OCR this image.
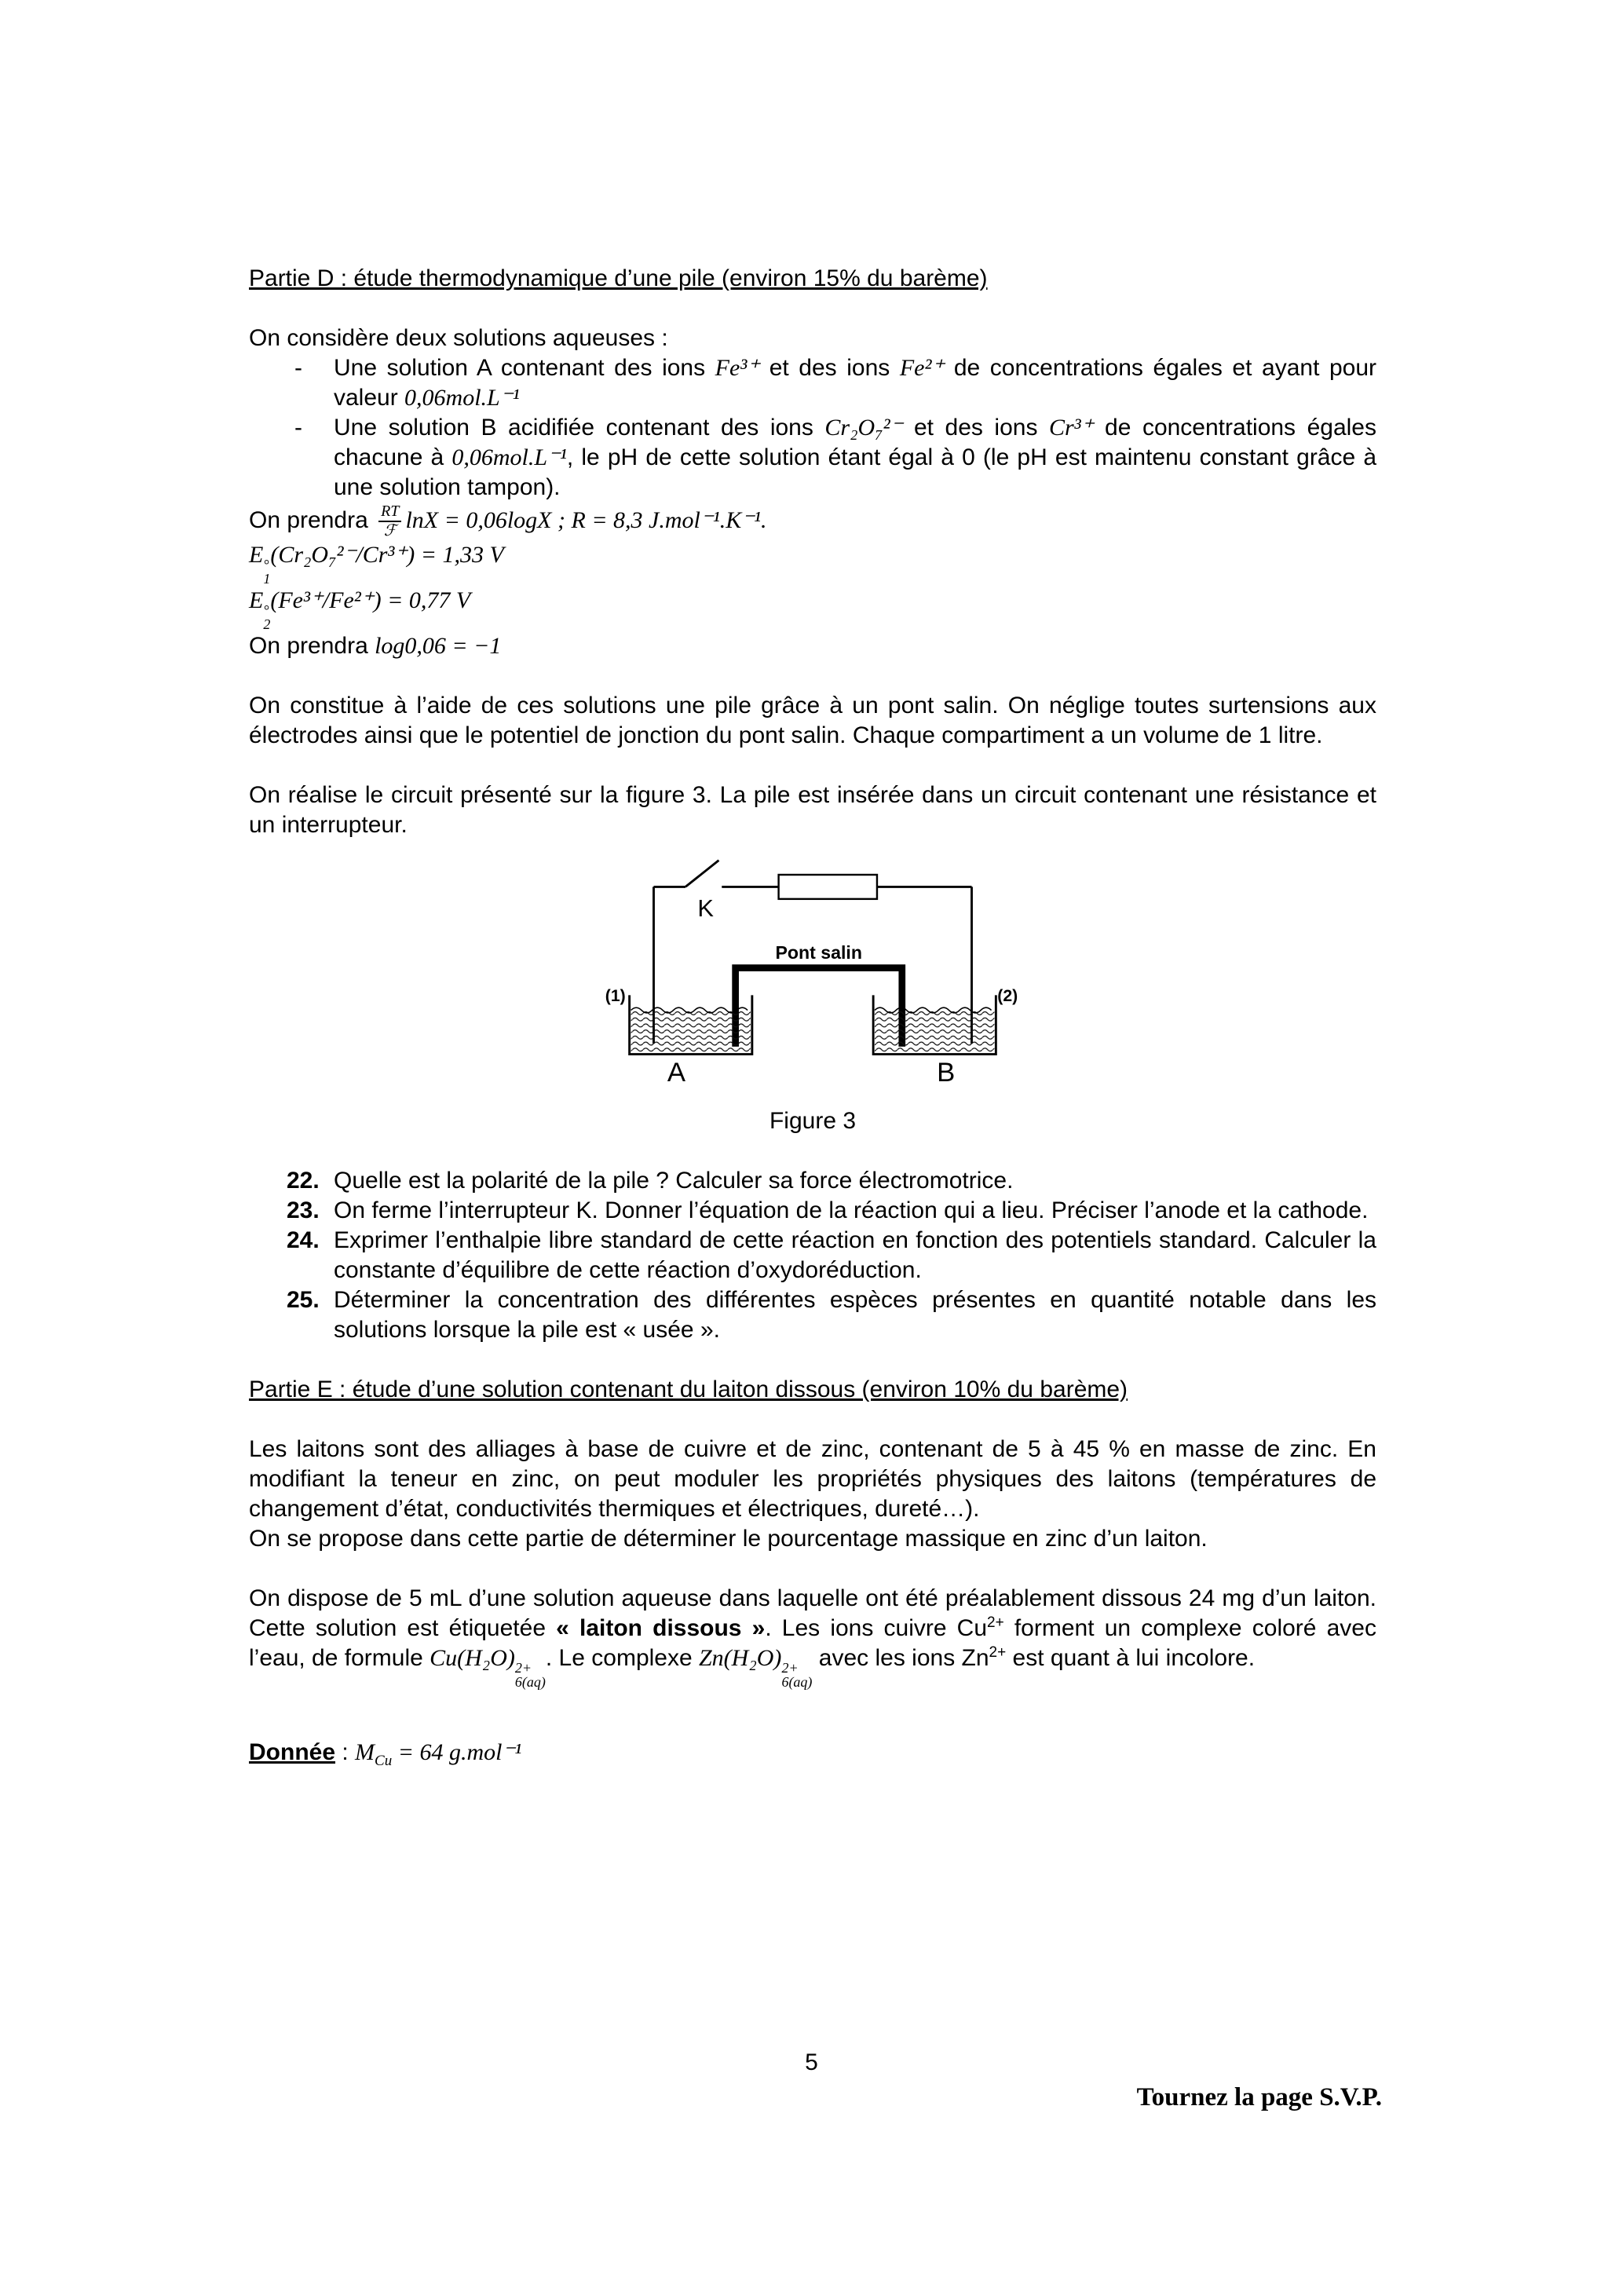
Partie D : étude thermodynamique d’une pile (environ 15% du barème)

On considère deux solutions aqueuses :

-	Une solution A contenant des ions Fe³⁺ et des ions Fe²⁺ de concentrations égales et ayant pour valeur 0,06mol.L⁻¹
-	Une solution B acidifiée contenant des ions Cr₂O₇²⁻ et des ions Cr³⁺ de concentrations égales chacune à 0,06mol.L⁻¹, le pH de cette solution étant égal à 0 (le pH est maintenu constant grâce à une solution tampon).

On prendra $\frac{RT}{\text{ℱ}}$ lnX = 0,06logX ; R = 8,3 J.mol⁻¹.K⁻¹.

E °
1
(Cr₂O₇²⁻/Cr³⁺) = 1,33 V

E °
2
(Fe³⁺/Fe²⁺) = 0,77 V

On prendra log0,06 = −1

On constitue à l’aide de ces solutions une pile grâce à un pont salin. On néglige toutes surtensions aux électrodes ainsi que le potentiel de jonction du pont salin. Chaque compartiment a un volume de 1 litre.

On réalise le circuit présenté sur la figure 3. La pile est insérée dans un circuit contenant une résistance et un interrupteur.

K
Pont salin
(1)	(2)
A	B
Figure 3
22. Quelle est la polarité de la pile ? Calculer sa force électromotrice.
23. On ferme l’interrupteur K. Donner l’équation de la réaction qui a lieu. Préciser l’anode et la cathode.
24. Exprimer l’enthalpie libre standard de cette réaction en fonction des potentiels standard. Calculer la constante d’équilibre de cette réaction d’oxydoréduction.
25. Déterminer la concentration des différentes espèces présentes en quantité notable dans les solutions lorsque la pile est « usée ».
Partie E : étude d’une solution contenant du laiton dissous (environ 10% du barème)

Les laitons sont des alliages à base de cuivre et de zinc, contenant de 5 à 45 % en masse de zinc. En modifiant la teneur en zinc, on peut moduler les propriétés physiques des laitons (températures de changement d’état, conductivités thermiques et électriques, dureté…).

On se propose dans cette partie de déterminer le pourcentage massique en zinc d’un laiton.

On dispose de 5 mL d’une solution aqueuse dans laquelle ont été préalablement dissous 24 mg d’un laiton. Cette solution est étiquetée « laiton dissous ». Les ions cuivre $Cu^{2+}$ forment un complexe coloré avec l’eau, de formule Cu(H₂O) 2+
6(aq)
. Le complexe Zn(H₂O) 2+
6(aq)
avec les ions $Zn^{2+}$ est quant à lui incolore.

Donnée : $M_{Cu} = 64$ g.mol⁻¹

5
Tournez la page S.V.P.
